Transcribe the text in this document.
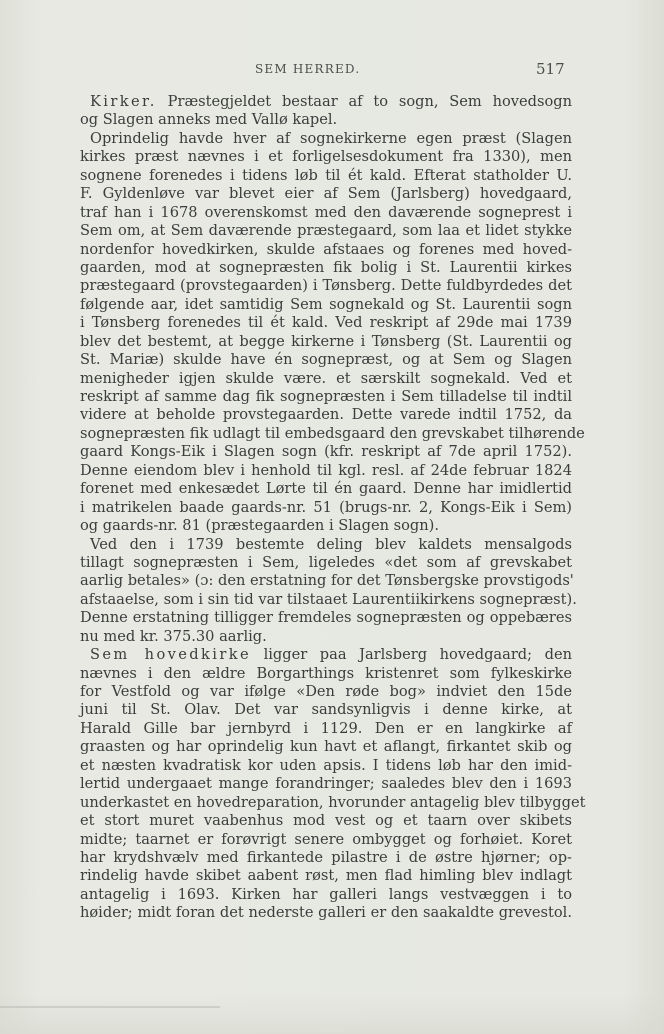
SEM HERRED.	517
Kirker. Præstegjeldet bestaar af to sogn, Sem hovedsogn
og Slagen anneks med Vallø kapel.
Oprindelig havde hver af sognekirkerne egen præst (Slagen
kirkes præst nævnes i et forligelsesdokument fra 1330), men
sognene forenedes i tidens løb til ét kald. Efterat statholder U.
F. Gyldenløve var blevet eier af Sem (Jarlsberg) hovedgaard,
traf han i 1678 overenskomst med den daværende sogneprest i
Sem om, at Sem daværende præstegaard, som laa et lidet stykke
nordenfor hovedkirken, skulde afstaaes og forenes med hoved-
gaarden, mod at sognepræsten fik bolig i St. Laurentii kirkes
præstegaard (provstegaarden) i Tønsberg. Dette fuldbyrdedes det
følgende aar, idet samtidig Sem sognekald og St. Laurentii sogn
i Tønsberg forenedes til ét kald. Ved reskript af 29de mai 1739
blev det bestemt, at begge kirkerne i Tønsberg (St. Laurentii og
St. Mariæ) skulde have én sognepræst, og at Sem og Slagen
menigheder igjen skulde være. et særskilt sognekald. Ved et
reskript af samme dag fik sognepræsten i Sem tilladelse til indtil
videre at beholde provstegaarden. Dette varede indtil 1752, da
sognepræsten fik udlagt til embedsgaard den grevskabet tilhørende
gaard Kongs-Eik i Slagen sogn (kfr. reskript af 7de april 1752).
Denne eiendom blev i henhold til kgl. resl. af 24de februar 1824
forenet med enkesædet Lørte til én gaard. Denne har imidlertid
i matrikelen baade gaards-nr. 51 (brugs-nr. 2, Kongs-Eik i Sem)
og gaards-nr. 81 (præstegaarden i Slagen sogn).
Ved den i 1739 bestemte deling blev kaldets mensalgods
tillagt sognepræsten i Sem, ligeledes «det som af grevskabet
aarlig betales» (ɔ: den erstatning for det Tønsbergske provstigods'
afstaaelse, som i sin tid var tilstaaet Laurentiikirkens sognepræst).
Denne erstatning tilligger fremdeles sognepræsten og oppebæres
nu med kr. 375.30 aarlig.
Sem hovedkirke ligger paa Jarlsberg hovedgaard; den
nævnes i den ældre Borgarthings kristenret som fylkeskirke
for Vestfold og var ifølge «Den røde bog» indviet den 15de
juni til St. Olav. Det var sandsynligvis i denne kirke, at
Harald Gille bar jernbyrd i 1129. Den er en langkirke af
graasten og har oprindelig kun havt et aflangt, firkantet skib og
et næsten kvadratisk kor uden apsis. I tidens løb har den imid-
lertid undergaaet mange forandringer; saaledes blev den i 1693
underkastet en hovedreparation, hvorunder antagelig blev tilbygget
et stort muret vaabenhus mod vest og et taarn over skibets
midte; taarnet er forøvrigt senere ombygget og forhøiet. Koret
har krydshvælv med firkantede pilastre i de østre hjørner; op-
rindelig havde skibet aabent røst, men flad himling blev indlagt
antagelig i 1693. Kirken har galleri langs vestvæggen i to
høider; midt foran det nederste galleri er den saakaldte grevestol.
